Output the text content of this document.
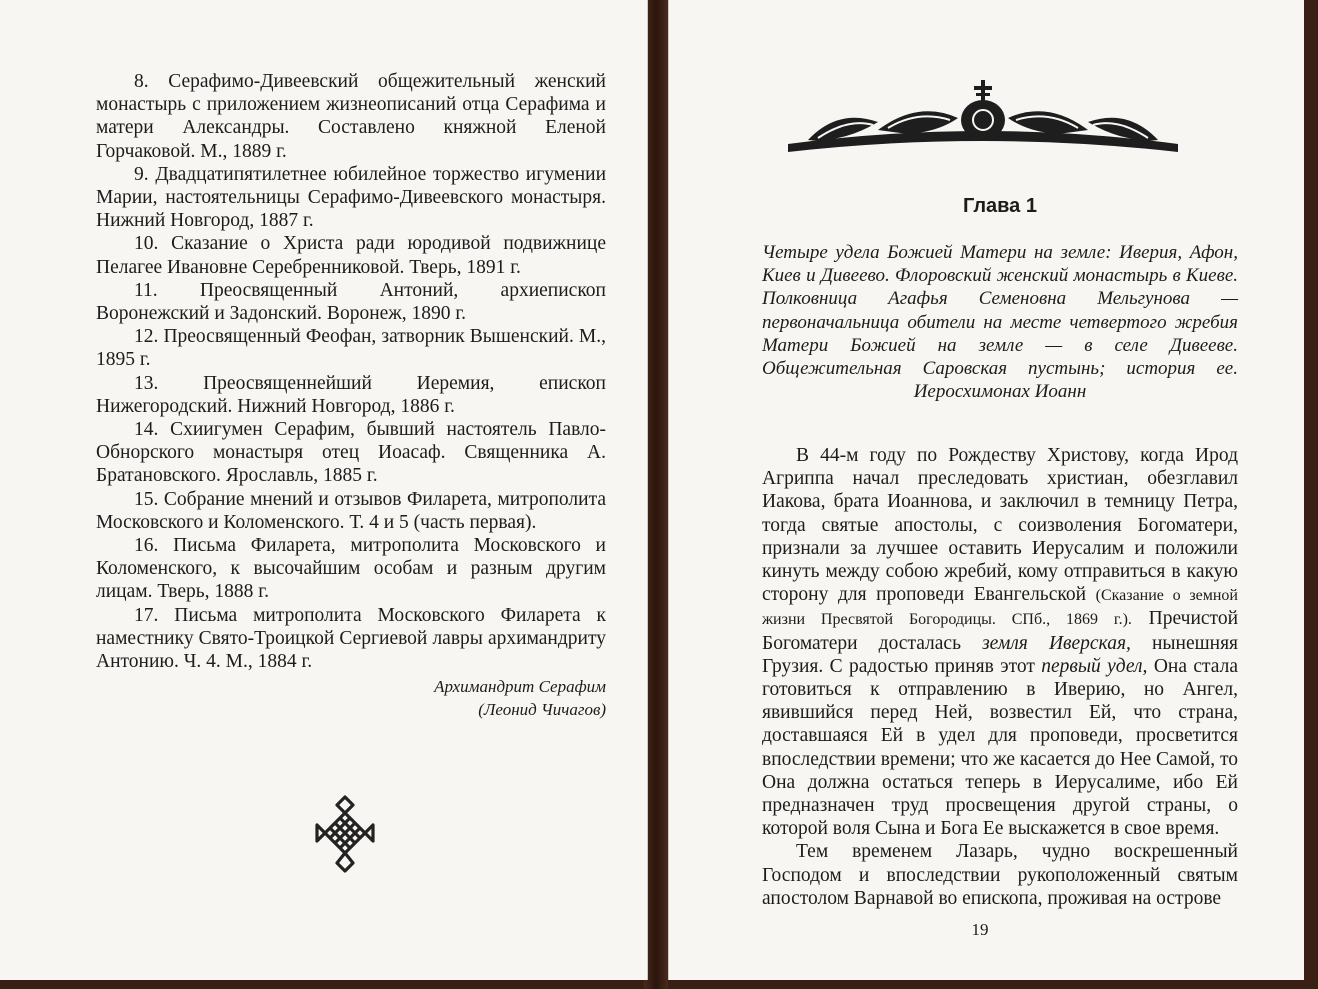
8. Серафимо-Дивеевский общежительный женский монастырь с приложением жизнеописаний отца Серафима и матери Александры. Составлено княжной Еленой Горчаковой. М., 1889 г.

9. Двадцатипятилетнее юбилейное торжество игумении Марии, настоятельницы Серафимо-Дивеевского монастыря. Нижний Новгород, 1887 г.

10. Сказание о Христа ради юродивой подвижнице Пелагее Ивановне Серебренниковой. Тверь, 1891 г.

11. Преосвященный Антоний, архиепископ Воронежский и Задонский. Воронеж, 1890 г.

12. Преосвященный Феофан, затворник Вышенский. М., 1895 г.

13. Преосвященнейший Иеремия, епископ Нижегородский. Нижний Новгород, 1886 г.

14. Схиигумен Серафим, бывший настоятель Павло-Обнорского монастыря отец Иоасаф. Священника А. Братановского. Ярославль, 1885 г.

15. Собрание мнений и отзывов Филарета, митрополита Московского и Коломенского. Т. 4 и 5 (часть первая).

16. Письма Филарета, митрополита Московского и Коломенского, к высочайшим особам и разным другим лицам. Тверь, 1888 г.

17. Письма митрополита Московского Филарета к наместнику Свято-Троицкой Сергиевой лавры архимандриту Антонию. Ч. 4. М., 1884 г.

Архимандрит Серафим
(Леонид Чичагов)
Глава 1
Четыре удела Божией Матери на земле: Иверия, Афон, Киев и Дивеево. Флоровский женский монастырь в Киеве. Полковница Агафья Семеновна Мельгунова — первоначальница обители на месте четвертого жребия Матери Божией на земле — в селе Дивееве. Общежительная Саровская пустынь; история ее. Иеросхимонах Иоанн

В 44-м году по Рождеству Христову, когда Ирод Агриппа начал преследовать христиан, обезглавил Иакова, брата Иоаннова, и заключил в темницу Петра, тогда святые апостолы, с соизволения Богоматери, признали за лучшее оставить Иерусалим и положили кинуть между собою жребий, кому отправиться в какую сторону для проповеди Евангельской (Сказание о земной жизни Пресвятой Богородицы. СПб., 1869 г.). Пречистой Богоматери досталась земля Иверская, нынешняя Грузия. С радостью приняв этот первый удел, Она стала готовиться к отправлению в Иверию, но Ангел, явившийся перед Ней, возвестил Ей, что страна, доставшаяся Ей в удел для проповеди, просветится впоследствии времени; что же касается до Нее Самой, то Она должна остаться теперь в Иерусалиме, ибо Ей предназначен труд просвещения другой страны, о которой воля Сына и Бога Ее выскажется в свое время.

Тем временем Лазарь, чудно воскрешенный Господом и впоследствии рукоположенный святым апостолом Варнавой во епископа, проживая на острове

19
